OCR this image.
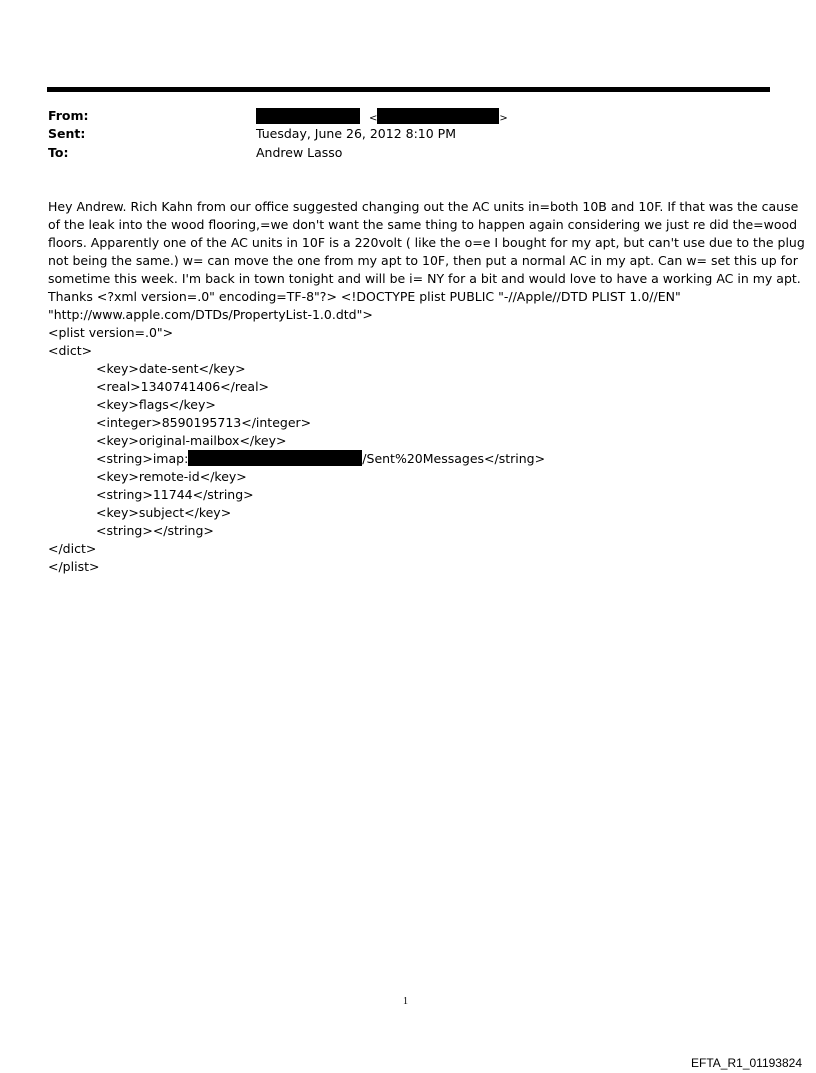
From:
Sent:
To:
<	>
Tuesday, June 26, 2012 8:10 PM
Andrew Lasso
Hey Andrew. Rich Kahn from our office suggested changing out the AC units in=both 10B and 10F. If that was the cause
of the leak into the wood flooring,=we don't want the same thing to happen again considering we just re did the=wood
floors. Apparently one of the AC units in 10F is a 220volt ( like the o=e I bought for my apt, but can't use due to the plug
not being the same.) w= can move the one from my apt to 10F, then put a normal AC in my apt. Can w= set this up for
sometime this week. I'm back in town tonight and will be i= NY for a bit and would love to have a working AC in my apt.
Thanks <?xml version=.0" encoding=TF-8"?> <!DOCTYPE plist PUBLIC "-//Apple//DTD PLIST 1.0//EN"
"http://www.apple.com/DTDs/PropertyList-1.0.dtd">
<plist version=.0">
<dict>
<key>date-sent</key>
<real>1340741406</real>
<key>flags</key>
<integer>8590195713</integer>
<key>original-mailbox</key>
<string>imap:	/Sent%20Messages</string>
<key>remote-id</key>
<string>11744</string>
<key>subject</key>
<string></string>
</dict>
</plist>
1
EFTA_R1_01193824
